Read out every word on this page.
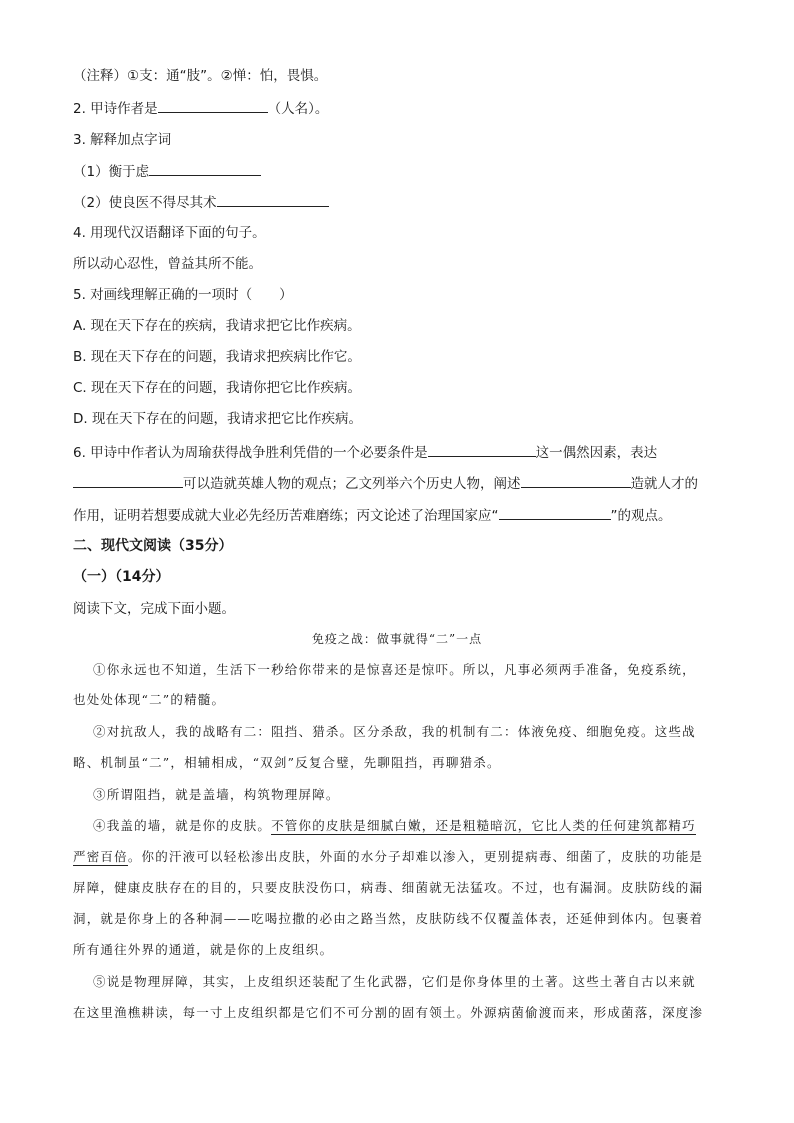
（注释）①支：通“肢”。②惮：怕，畏惧。
2. 甲诗作者是	（人名）。
3. 解释加点字词
（1）衡于虑
（2）使良医不得尽其术
4. 用现代汉语翻译下面的句子。
所以动心忍性，曾益其所不能。
5. 对画线理解正确的一项时（　　）
A. 现在天下存在的疾病，我请求把它比作疾病。
B. 现在天下存在的问题，我请求把疾病比作它。
C. 现在天下存在的问题，我请你把它比作疾病。
D. 现在天下存在的问题，我请求把它比作疾病。
6. 甲诗中作者认为周瑜获得战争胜利凭借的一个必要条件是	这一偶然因素，表达
可以造就英雄人物的观点；乙文列举六个历史人物，阐述	造就人才的
作用，证明若想要成就大业必先经历苦难磨练；丙文论述了治理国家应“	”的观点。
二、现代文阅读（35分）
（一）（14分）
阅读下文，完成下面小题。
免疫之战：做事就得“二”一点
①你永远也不知道，生活下一秒给你带来的是惊喜还是惊吓。所以，凡事必须两手准备，免疫系统，
也处处体现“二”的精髓。
②对抗敌人，我的战略有二：阻挡、猎杀。区分杀敌，我的机制有二：体液免疫、细胞免疫。这些战
略、机制虽“二”，相辅相成，“双剑”反复合璧，先聊阻挡，再聊猎杀。
③所谓阻挡，就是盖墙，构筑物理屏障。
④我盖的墙，就是你的皮肤。不管你的皮肤是细腻白嫩，还是粗糙暗沉，它比人类的任何建筑都精巧
严密百倍。你的汗液可以轻松渗出皮肤，外面的水分子却难以渗入，更别提病毒、细菌了，皮肤的功能是
屏障，健康皮肤存在的目的，只要皮肤没伤口，病毒、细菌就无法猛攻。不过，也有漏洞。皮肤防线的漏
洞，就是你身上的各种洞——吃喝拉撒的必由之路当然，皮肤防线不仅覆盖体表，还延伸到体内。包裹着
所有通往外界的通道，就是你的上皮组织。
⑤说是物理屏障，其实，上皮组织还装配了生化武器，它们是你身体里的土著。这些土著自古以来就
在这里渔樵耕读，每一寸上皮组织都是它们不可分割的固有领土。外源病菌偷渡而来，形成菌落，深度渗
